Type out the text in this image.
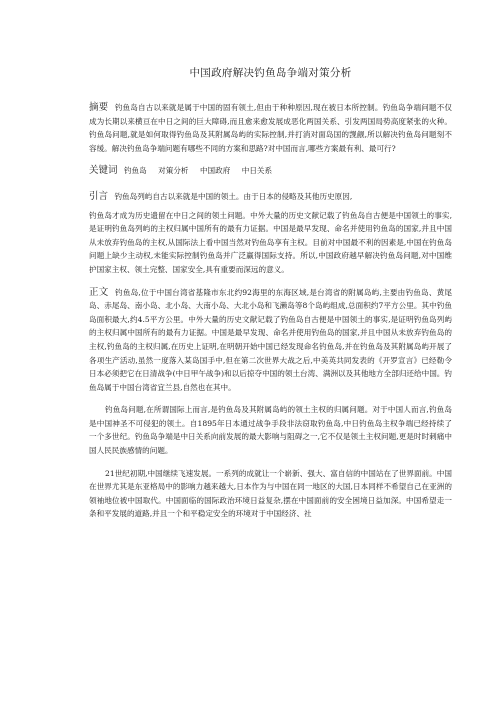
中国政府解决钓鱼岛争端对策分析

摘要 钓鱼岛自古以来就是属于中国的固有领土,但由于种种原因,现在被日本所控制。钓鱼岛争端问题不仅成为长期以来横亘在中日之间的巨大障碍,而且愈来愈发展成恶化两国关系、引发两国局势高度紧张的火种。钓鱼岛问题,就是如何取得钓鱼岛及其附属岛屿的实际控制,并打消对面岛国的觊觎,所以解决钓鱼岛问题刻不容缓。解决钓鱼岛争端问题有哪些不同的方案和思路?对中国而言,哪些方案最有利、最可行?

关键词 钓鱼岛 对策分析 中国政府 中日关系

引言 钓鱼岛列屿自古以来就是中国的领土。由于日本的侵略及其他历史原因,

钓鱼岛才成为历史遗留在中日之间的领土问题。中外大量的历史文献记载了钓鱼岛自古便是中国领土的事实,是证明钓鱼岛列屿的主权归属中国所有的最有力证据。中国是最早发现、命名并使用钓鱼岛的国家,并且中国从未放弃钓鱼岛的主权,从国际法上看中国当然对钓鱼岛享有主权。目前对中国最不利的因素是,中国在钓鱼岛问题上缺少主动权,未能实际控制钓鱼岛并广泛赢得国际支持。所以,中国政府越早解决钓鱼岛问题,对中国维护国家主权、领土完整、国家安全,具有重要而深远的意义。

正文 钓鱼岛,位于中国台湾省基隆市东北约92海里的东海区域,是台湾省的附属岛屿,主要由钓鱼岛、黄尾岛、赤尾岛、南小岛、北小岛、大南小岛、大北小岛和飞濑岛等8个岛屿组成,总面积约7平方公里。其中钓鱼岛面积最大,约4.5平方公里。中外大量的历史文献记载了钓鱼岛自古便是中国领土的事实,是证明钓鱼岛列屿的主权归属中国所有的最有力证据。中国是最早发现、命名并使用钓鱼岛的国家,并且中国从未放弃钓鱼岛的主权,钓鱼岛的主权归属,在历史上证明,在明朝开始中国已经发现命名钓鱼岛,并在钓鱼岛及其附属岛屿开展了各项生产活动,虽然一度落入某岛国手中,但在第二次世界大战之后,中美英共同发表的《开罗宣言》已经勒令日本必须把它在日清战争(中日甲午战争)和以后掠夺中国的领土台湾、满洲以及其他地方全部归还给中国。钓鱼岛属于中国台湾省宜兰县,自然也在其中。

钓鱼岛问题,在所谓国际上而言,是钓鱼岛及其附属岛屿的领土主权的归属问题。对于中国人而言,钓鱼岛是中国神圣不可侵犯的领土。自1895年日本通过战争手段非法窃取钓鱼岛,中日钓鱼岛主权争端已经持续了一个多世纪。钓鱼岛争端是中日关系向前发展的最大影响与阻碍之一,它不仅是领土主权问题,更是时时刺痛中国人民民族感情的问题。

21世纪初期,中国继续飞速发展。一系列的成就让一个崭新、强大、富自信的中国站在了世界面前。中国在世界尤其是东亚格局中的影响力越来越大,日本作为与中国在同一地区的大国,日本同样不希望自己在亚洲的领袖地位被中国取代。中国面临的国际政治环境日益复杂,摆在中国面前的安全困境日益加深。中国希望走一条和平发展的道路,并且一个和平稳定安全的环境对于中国经济、社
